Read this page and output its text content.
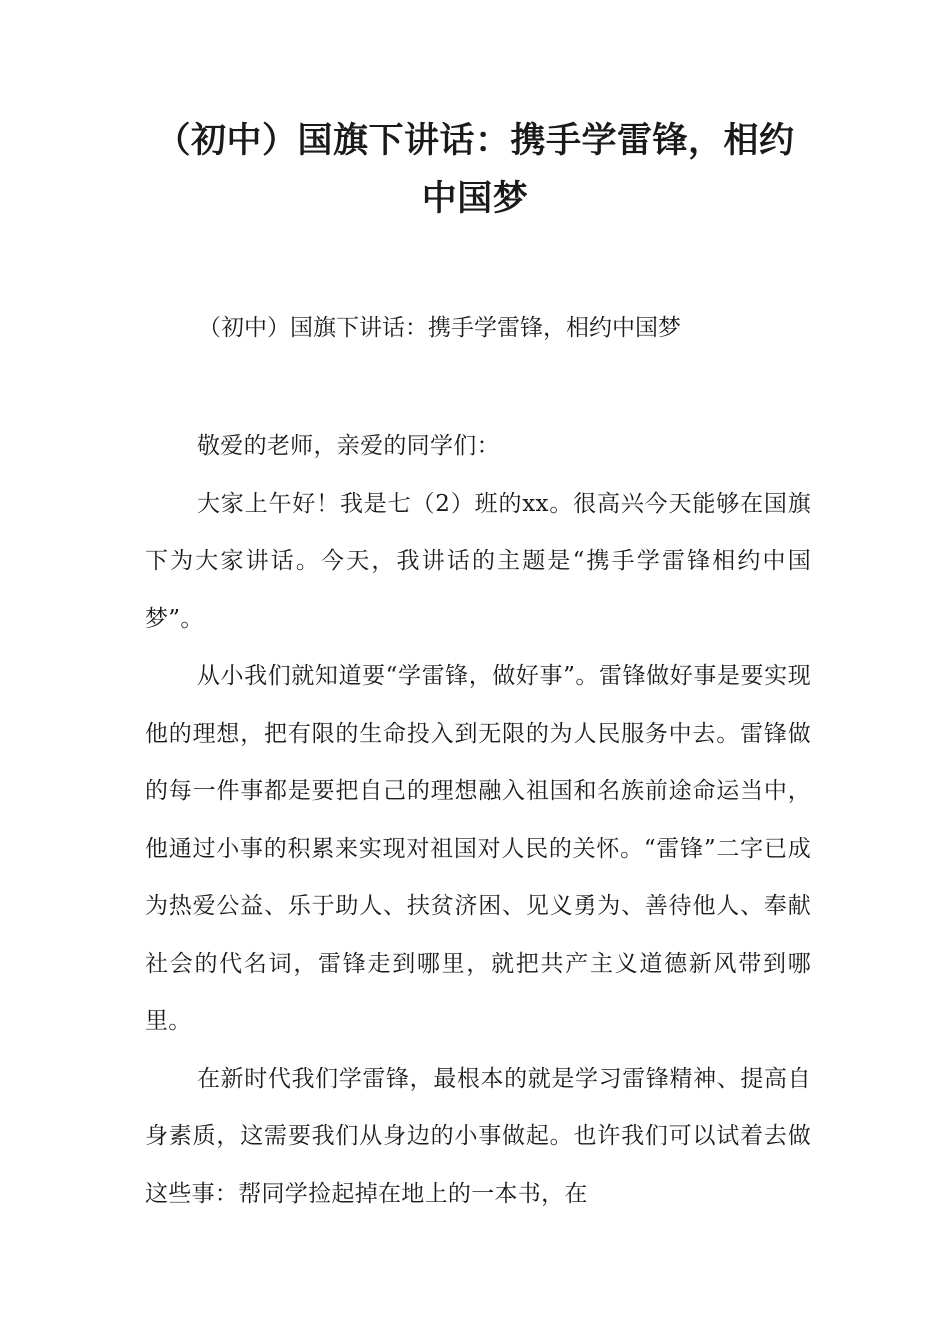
（初中）国旗下讲话：携手学雷锋，相约中国梦

（初中）国旗下讲话：携手学雷锋，相约中国梦

敬爱的老师，亲爱的同学们：

大家上午好！我是七（2）班的xx。很高兴今天能够在国旗下为大家讲话。今天，我讲话的主题是“携手学雷锋相约中国梦”。

从小我们就知道要“学雷锋，做好事”。雷锋做好事是要实现他的理想，把有限的生命投入到无限的为人民服务中去。雷锋做的每一件事都是要把自己的理想融入祖国和名族前途命运当中，他通过小事的积累来实现对祖国对人民的关怀。“雷锋”二字已成为热爱公益、乐于助人、扶贫济困、见义勇为、善待他人、奉献社会的代名词，雷锋走到哪里，就把共产主义道德新风带到哪里。

在新时代我们学雷锋，最根本的就是学习雷锋精神、提高自身素质，这需要我们从身边的小事做起。也许我们可以试着去做这些事：帮同学捡起掉在地上的一本书，在
